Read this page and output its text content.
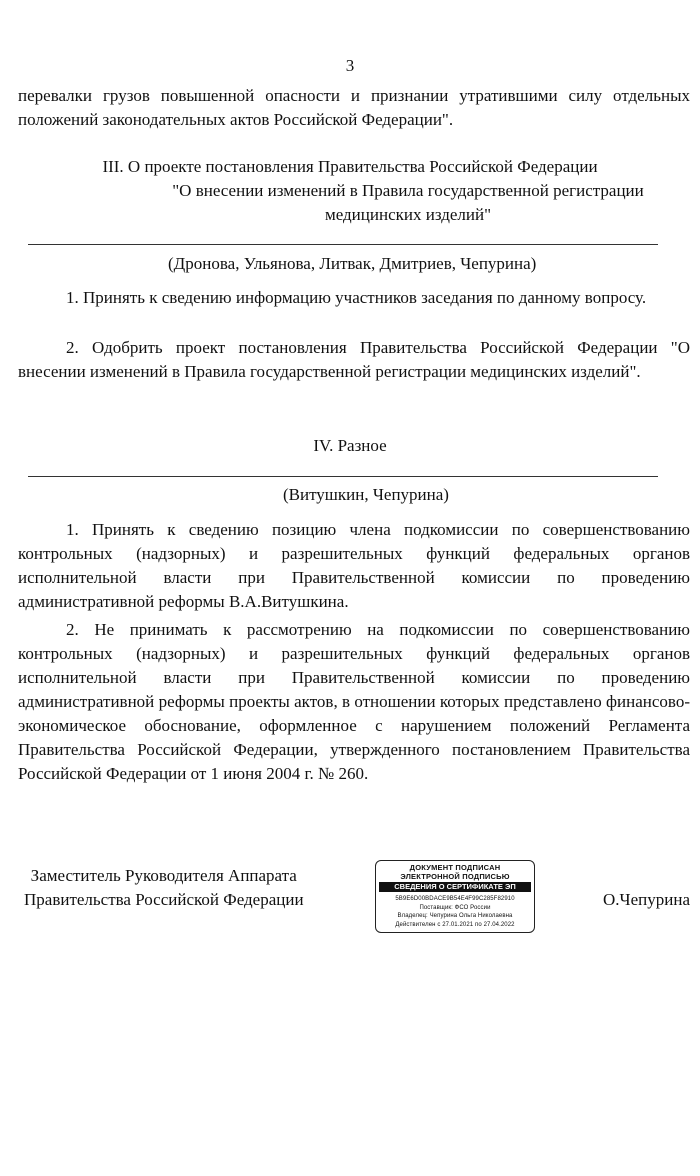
3

перевалки грузов повышенной опасности и признании утратившими силу отдельных положений законодательных актов Российской Федерации".

III. О проекте постановления Правительства Российской Федерации
"О внесении изменений в Правила государственной регистрации
медицинских изделий"
(Дронова, Ульянова, Литвак, Дмитриев, Чепурина)

1. Принять к сведению информацию участников заседания по данному вопросу.

2. Одобрить проект постановления Правительства Российской Федерации "О внесении изменений в Правила государственной регистрации медицинских изделий".

IV. Разное
(Витушкин, Чепурина)

1. Принять к сведению позицию члена подкомиссии по совершенствованию контрольных (надзорных) и разрешительных функций федеральных органов исполнительной власти при Правительственной комиссии по проведению административной реформы В.А.Витушкина.

2. Не принимать к рассмотрению на подкомиссии по совершенствованию контрольных (надзорных) и разрешительных функций федеральных органов исполнительной власти при Правительственной комиссии по проведению административной реформы проекты актов, в отношении которых представлено финансово-экономическое обоснование, оформленное с нарушением положений Регламента Правительства Российской Федерации, утвержденного постановлением Правительства Российской Федерации от 1 июня 2004 г. № 260.

Заместитель Руководителя Аппарата
Правительства Российской Федерации
ДОКУМЕНТ ПОДПИСАН
ЭЛЕКТРОННОЙ ПОДПИСЬЮ
СВЕДЕНИЯ О СЕРТИФИКАТЕ ЭП
5B9E6D00BDACE9B54E4F99C285F82910
Поставщик: ФСО России
Владелец: Чепурина Ольга Николаевна
Действителен с 27.01.2021 по 27.04.2022
О.Чепурина
